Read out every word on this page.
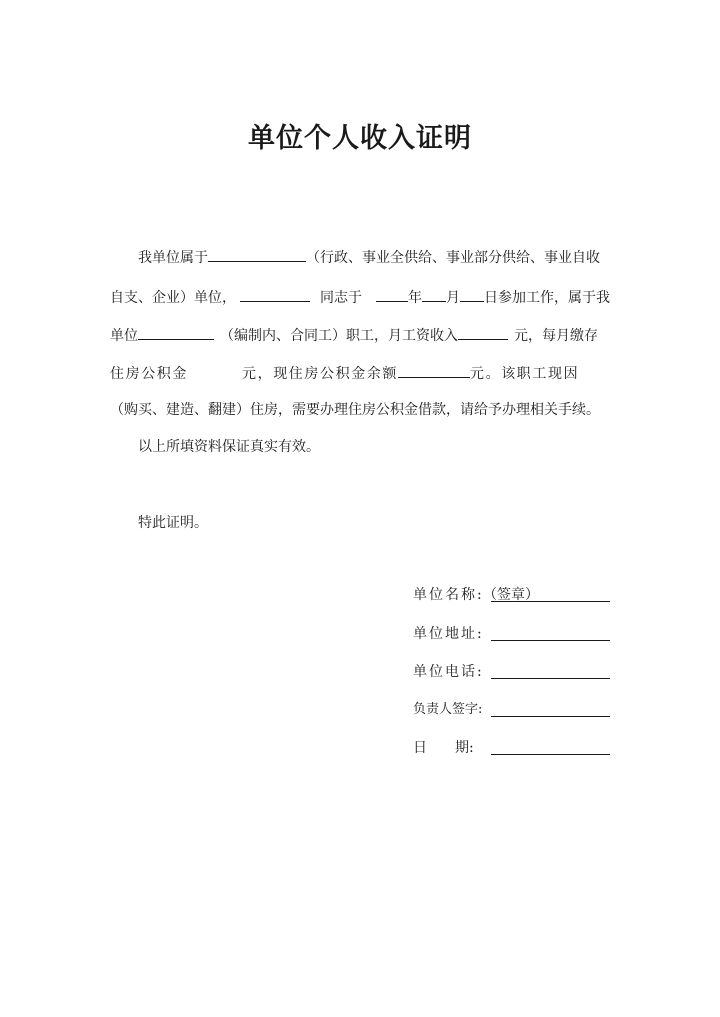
单位个人收入证明
我单位属于	（行政、事业全供给、事业部分供给、事业自收
自支、企业）单位，	同志于	年 月 日参加工作，属于我
单位	（编制内、合同工）职工，月工资收入	元，每月缴存
住房公积金	元，现住房公积金余额	元。该职工现因
（购买、建造、翻建）住房，需要办理住房公积金借款，请给予办理相关手续。
以上所填资料保证真实有效。
特此证明。
单位名称: （签章）
单位地址:
单位电话:
负责人签字:
日　　期:
